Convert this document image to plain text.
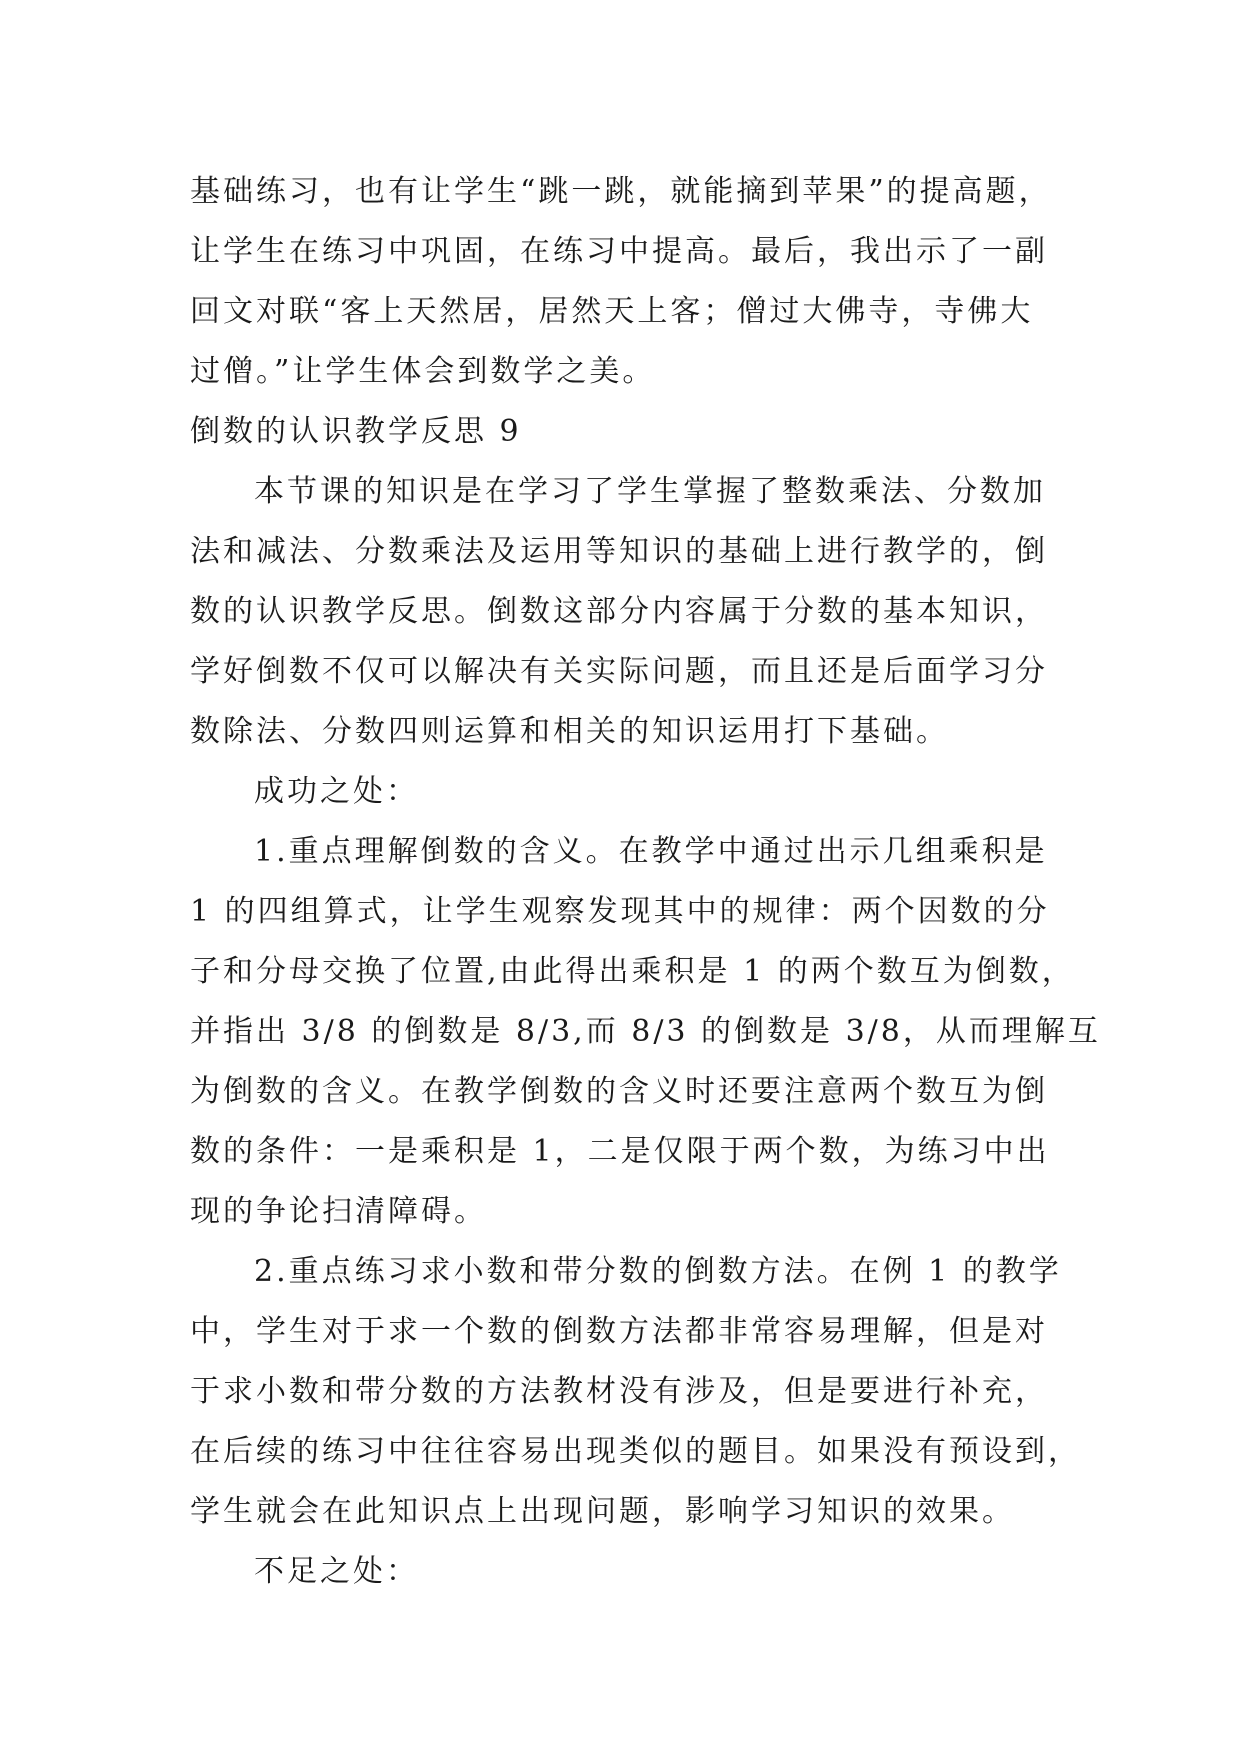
基础练习，也有让学生“跳一跳，就能摘到苹果”的提高题，
让学生在练习中巩固，在练习中提高。最后，我出示了一副
回文对联“客上天然居，居然天上客；僧过大佛寺，寺佛大
过僧。”让学生体会到数学之美。
倒数的认识教学反思 9
本节课的知识是在学习了学生掌握了整数乘法、分数加
法和减法、分数乘法及运用等知识的基础上进行教学的，倒
数的认识教学反思。倒数这部分内容属于分数的基本知识，
学好倒数不仅可以解决有关实际问题，而且还是后面学习分
数除法、分数四则运算和相关的知识运用打下基础。
成功之处：
1.重点理解倒数的含义。在教学中通过出示几组乘积是
1 的四组算式，让学生观察发现其中的规律：两个因数的分
子和分母交换了位置,由此得出乘积是 1 的两个数互为倒数，
并指出 3/8 的倒数是 8/3,而 8/3 的倒数是 3/8，从而理解互
为倒数的含义。在教学倒数的含义时还要注意两个数互为倒
数的条件：一是乘积是 1，二是仅限于两个数，为练习中出
现的争论扫清障碍。
2.重点练习求小数和带分数的倒数方法。在例 1 的教学
中，学生对于求一个数的倒数方法都非常容易理解，但是对
于求小数和带分数的方法教材没有涉及，但是要进行补充，
在后续的练习中往往容易出现类似的题目。如果没有预设到，
学生就会在此知识点上出现问题，影响学习知识的效果。
不足之处：
